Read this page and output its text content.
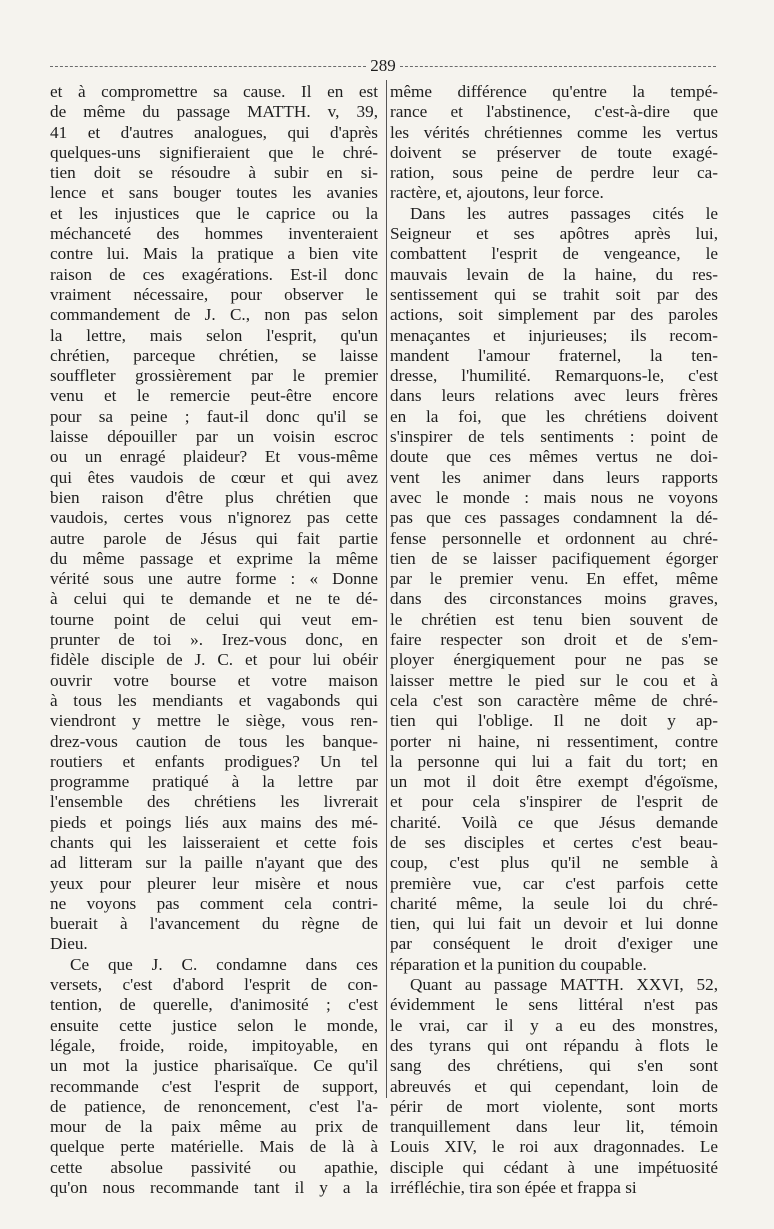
289
et à compromettre sa cause. Il en est
de même du passage MATTH. v, 39,
41 et d'autres analogues, qui d'après
quelques-uns signifieraient que le chré-
tien doit se résoudre à subir en si-
lence et sans bouger toutes les avanies
et les injustices que le caprice ou la
méchanceté des hommes inventeraient
contre lui. Mais la pratique a bien vite
raison de ces exagérations. Est-il donc
vraiment nécessaire, pour observer le
commandement de J. C., non pas selon
la lettre, mais selon l'esprit, qu'un
chrétien, parceque chrétien, se laisse
souffleter grossièrement par le premier
venu et le remercie peut-être encore
pour sa peine ; faut-il donc qu'il se
laisse dépouiller par un voisin escroc
ou un enragé plaideur? Et vous-même
qui êtes vaudois de cœur et qui avez
bien raison d'être plus chrétien que
vaudois, certes vous n'ignorez pas cette
autre parole de Jésus qui fait partie
du même passage et exprime la même
vérité sous une autre forme : « Donne
à celui qui te demande et ne te dé-
tourne point de celui qui veut em-
prunter de toi ». Irez-vous donc, en
fidèle disciple de J. C. et pour lui obéir
ouvrir votre bourse et votre maison
à tous les mendiants et vagabonds qui
viendront y mettre le siège, vous ren-
drez-vous caution de tous les banque-
routiers et enfants prodigues? Un tel
programme pratiqué à la lettre par
l'ensemble des chrétiens les livrerait
pieds et poings liés aux mains des mé-
chants qui les laisseraient et cette fois
ad litteram sur la paille n'ayant que des
yeux pour pleurer leur misère et nous
ne voyons pas comment cela contri-
buerait à l'avancement du règne de
Dieu.
Ce que J. C. condamne dans ces
versets, c'est d'abord l'esprit de con-
tention, de querelle, d'animosité ; c'est
ensuite cette justice selon le monde,
légale, froide, roide, impitoyable, en
un mot la justice pharisaïque. Ce qu'il
recommande c'est l'esprit de support,
de patience, de renoncement, c'est l'a-
mour de la paix même au prix de
quelque perte matérielle. Mais de là à
cette absolue passivité ou apathie,
qu'on nous recommande tant il y a la
même différence qu'entre la tempé-
rance et l'abstinence, c'est-à-dire que
les vérités chrétiennes comme les vertus
doivent se préserver de toute exagé-
ration, sous peine de perdre leur ca-
ractère, et, ajoutons, leur force.
Dans les autres passages cités le
Seigneur et ses apôtres après lui,
combattent l'esprit de vengeance, le
mauvais levain de la haine, du res-
sentissement qui se trahit soit par des
actions, soit simplement par des paroles
menaçantes et injurieuses; ils recom-
mandent l'amour fraternel, la ten-
dresse, l'humilité. Remarquons-le, c'est
dans leurs relations avec leurs frères
en la foi, que les chrétiens doivent
s'inspirer de tels sentiments : point de
doute que ces mêmes vertus ne doi-
vent les animer dans leurs rapports
avec le monde : mais nous ne voyons
pas que ces passages condamnent la dé-
fense personnelle et ordonnent au chré-
tien de se laisser pacifiquement égorger
par le premier venu. En effet, même
dans des circonstances moins graves,
le chrétien est tenu bien souvent de
faire respecter son droit et de s'em-
ployer énergiquement pour ne pas se
laisser mettre le pied sur le cou et à
cela c'est son caractère même de chré-
tien qui l'oblige. Il ne doit y ap-
porter ni haine, ni ressentiment, contre
la personne qui lui a fait du tort; en
un mot il doit être exempt d'égoïsme,
et pour cela s'inspirer de l'esprit de
charité. Voilà ce que Jésus demande
de ses disciples et certes c'est beau-
coup, c'est plus qu'il ne semble à
première vue, car c'est parfois cette
charité même, la seule loi du chré-
tien, qui lui fait un devoir et lui donne
par conséquent le droit d'exiger une
réparation et la punition du coupable.
Quant au passage MATTH. XXVI, 52,
évidemment le sens littéral n'est pas
le vrai, car il y a eu des monstres,
des tyrans qui ont répandu à flots le
sang des chrétiens, qui s'en sont
abreuvés et qui cependant, loin de
périr de mort violente, sont morts
tranquillement dans leur lit, témoin
Louis XIV, le roi aux dragonnades. Le
disciple qui cédant à une impétuosité
irréfléchie, tira son épée et frappa si
